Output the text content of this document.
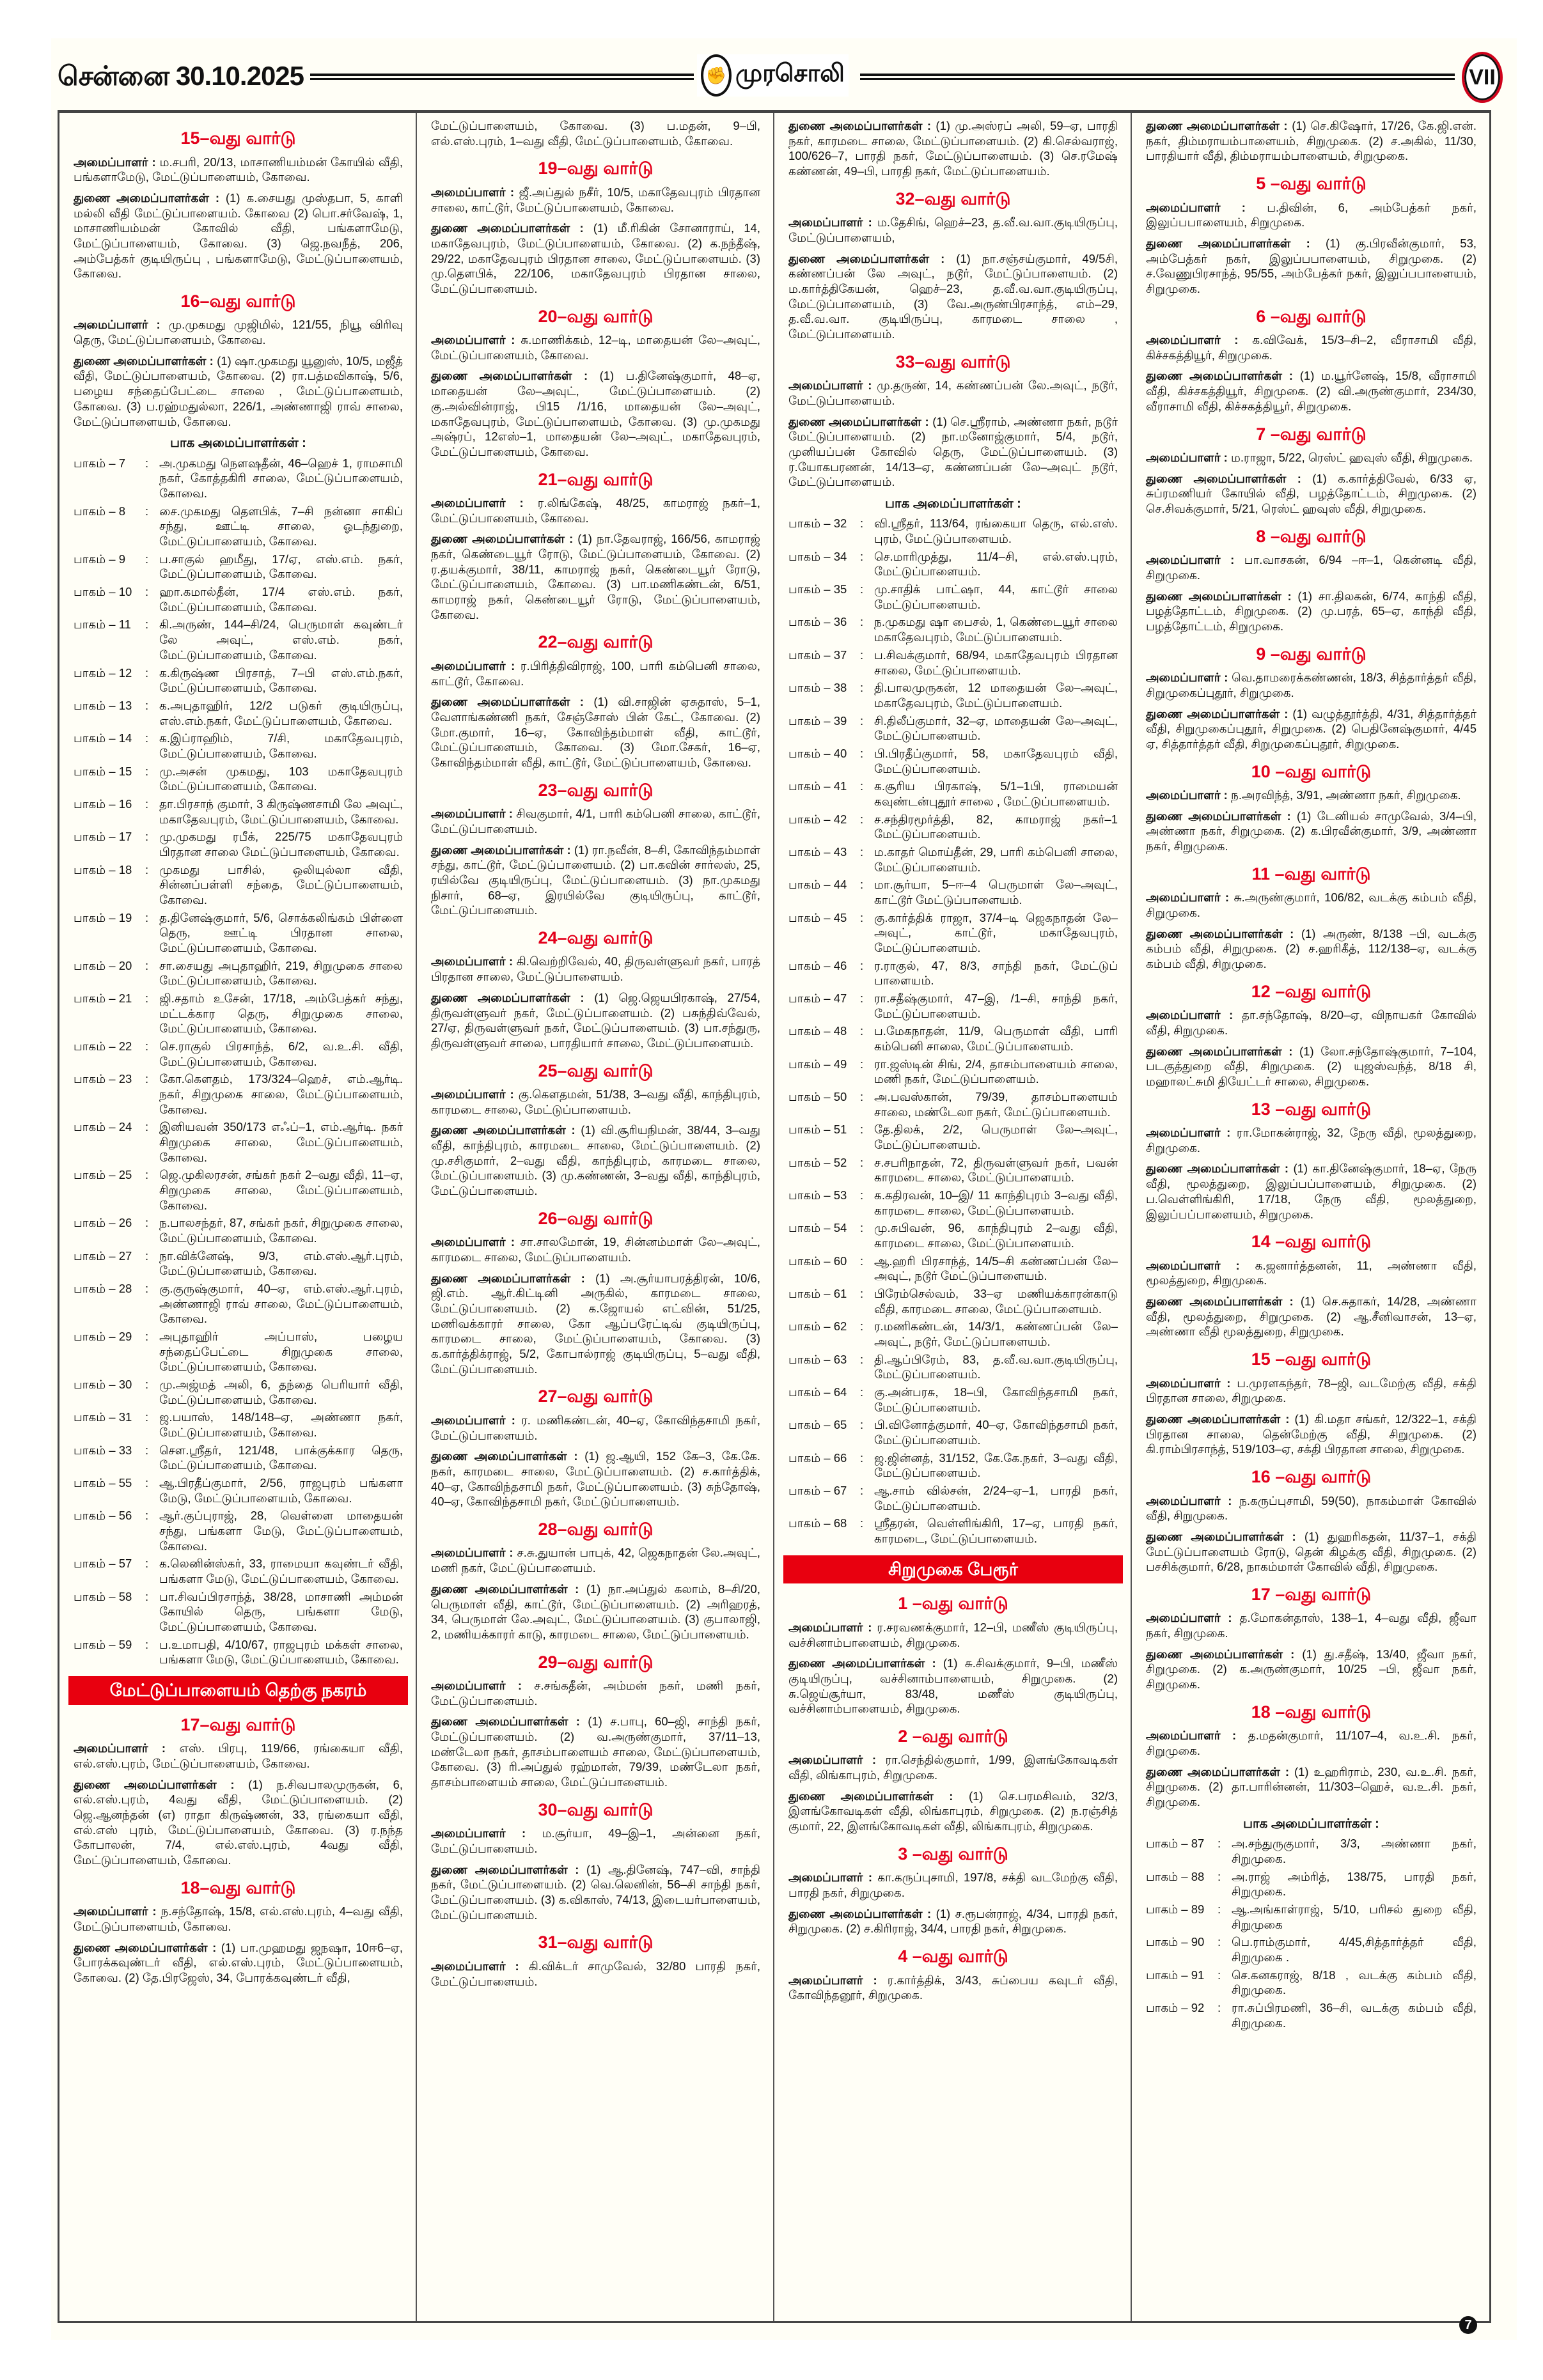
சென்னை 30.10.2025	✊ முரசொலி	VII
15–வது வார்டு

அமைப்பாளர் : ம.சபரி, 20/13, மாசாணியம்மன் கோயில் வீதி, பங்களாமேடு, மேட்டுப்பாளையம், கோவை.

துணை அமைப்பாளர்கள் : (1) க.சையது முஸ்தபா, 5, காளி மல்லி வீதி மேட்டுப்பாளையம். கோவை (2) பொ.சர்வேஷ், 1, மாசாணியம்மன் கோவில் வீதி, பங்களாமேடு, மேட்டுப்பாளையம், கோவை. (3) ஜெ.நவநீத், 206, அம்பேத்கர் குடியிருப்பு , பங்களாமேடு, மேட்டுப்பாளையம், கோவை.

16–வது வார்டு

அமைப்பாளர் : மு.முகமது முஜிமில், 121/55, நியூ விரிவு தெரு, மேட்டுப்பாளையம், கோவை.

துணை அமைப்பாளர்கள் : (1) ஷா.முகமது யூனுஸ், 10/5, மஜீத் வீதி, மேட்டுப்பாளையம், கோவை. (2) ரா.பத்மவிகாஷ், 5/6, பழைய சந்தைப்பேட்டை சாலை , மேட்டுப்பாளையம், கோவை. (3) ப.ரஹ்மதுல்லா, 226/1, அண்ணாஜி ராவ் சாலை, மேட்டுப்பாளையம், கோவை.

பாக அமைப்பாளர்கள் :
பாகம் – 7	: அ.முகமது நௌஷதீன், 46–ஹெச் 1, ராமசாமி நகர், கோத்தகிரி சாலை, மேட்டுப்பாளையம், கோவை.
பாகம் – 8	: சை.முகமது தௌபிக், 7–சி நன்னா சாகிப் சந்து, ஊட்டி சாலை, ஓடந்துறை, மேட்டுப்பாளையம், கோவை.
பாகம் – 9	: ப.சாகுல் ஹமீது, 17/ஏ, எஸ்.எம். நகர், மேட்டுப்பாளையம், கோவை.
பாகம் – 10	: ஹா.கமால்தீன், 17/4 எஸ்.எம். நகர், மேட்டுப்பாளையம், கோவை.
பாகம் – 11	: கி.அருண், 144–சி/24, பெருமாள் கவுண்டர் லே அவுட், எஸ்.எம். நகர், மேட்டுப்பாளையம், கோவை.
பாகம் – 12	: க.கிருஷ்ண பிரசாத், 7–பி எஸ்.எம்.நகர், மேட்டுப்பாளையம், கோவை.
பாகம் – 13	: க.அபுதாஹிர், 12/2 படுகர் குடியிருப்பு, எஸ்.எம்.நகர், மேட்டுப்பாளையம், கோவை.
பாகம் – 14	: க.இப்ராஹிம், 7/சி, மகாதேவபுரம், மேட்டுப்பாளையம், கோவை.
பாகம் – 15	: மு.அசன் முகமது, 103 மகாதேவபுரம் மேட்டுப்பாளையம், கோவை.
பாகம் – 16	: தா.பிரசாந் குமார், 3 கிருஷ்ணசாமி லே அவுட், மகாதேவபுரம், மேட்டுப்பாளையம், கோவை.
பாகம் – 17	: மு.முகமது ரபீக், 225/75 மகாதேவபுரம் பிரதான சாலை மேட்டுப்பாளையம், கோவை.
பாகம் – 18	: முகமது பாசில், ஒலியுல்லா வீதி, சின்னப்பள்ளி சந்தை, மேட்டுப்பாளையம், கோவை.
பாகம் – 19	: த.தினேஷ்குமார், 5/6, சொக்கலிங்கம் பிள்ளை தெரு, ஊட்டி பிரதான சாலை, மேட்டுப்பாளையம், கோவை.
பாகம் – 20	: சா.சையது அபுதாஹிர், 219, சிறுமுகை சாலை மேட்டுப்பாளையம், கோவை.
பாகம் – 21	: ஜி.சதாம் உசேன், 17/18, அம்பேத்கர் சந்து, மட்டக்கார தெரு, சிறுமுகை சாலை, மேட்டுப்பாளையம், கோவை.
பாகம் – 22	: செ.ராகுல் பிரசாந்த், 6/2, வ.உ.சி. வீதி, மேட்டுப்பாளையம், கோவை.
பாகம் – 23	: கோ.கௌதம், 173/324–ஹெச், எம்.ஆர்டி. நகர், சிறுமுகை சாலை, மேட்டுப்பாளையம், கோவை.
பாகம் – 24	: இனியவன் 350/173 எஃப்–1, எம்.ஆர்டி. நகர் சிறுமுகை சாலை, மேட்டுப்பாளையம், கோவை.
பாகம் – 25	: ஜெ.முகிலரசன், சங்கர் நகர் 2–வது வீதி, 11–ஏ, சிறுமுகை சாலை, மேட்டுப்பாளையம், கோவை.
பாகம் – 26	: ந.பாலசந்தர், 87, சங்கர் நகர், சிறுமுகை சாலை, மேட்டுப்பாளையம், கோவை.
பாகம் – 27	: நா.விக்னேஷ், 9/3, எம்.எஸ்.ஆர்.புரம், மேட்டுப்பாளையம், கோவை.
பாகம் – 28	: கு.குருஷ்குமார், 40–ஏ, எம்.எஸ்.ஆர்.புரம், அண்ணாஜி ராவ் சாலை, மேட்டுப்பாளையம், கோவை.
பாகம் – 29	: அபுதாஹிர் அப்பாஸ், பழைய சந்தைப்பேட்டை சிறுமுகை சாலை, மேட்டுப்பாளையம், கோவை.
பாகம் – 30	: மு.அஜ்மத் அலி, 6, தந்தை பெரியார் வீதி, மேட்டுப்பாளையம், கோவை.
பாகம் – 31	: ஜ.பயாஸ், 148/148–ஏ, அண்ணா நகர், மேட்டுப்பாளையம், கோவை.
பாகம் – 33	: சௌ.ஸ்ரீதர், 121/48, பாக்குக்கார தெரு, மேட்டுப்பாளையம், கோவை.
பாகம் – 55	: ஆ.பிரதீப்குமார், 2/56, ராஜபுரம் பங்களா மேடு, மேட்டுப்பாளையம், கோவை.
பாகம் – 56	: ஆர்.குப்புராஜ், 28, வெள்ளை மாதையன் சந்து, பங்களா மேடு, மேட்டுப்பாளையம், கோவை.
பாகம் – 57	: க.லெனின்ஸ்கர், 33, ராமையா கவுண்டர் வீதி, பங்களா மேடு, மேட்டுப்பாளையம், கோவை.
பாகம் – 58	: பா.சிவப்பிரசாந்த், 38/28, மாசாணி அம்மன் கோயில் தெரு, பங்களா மேடு, மேட்டுப்பாளையம், கோவை.
பாகம் – 59	: ப.உமாபதி, 4/10/67, ராஜபுரம் மக்கள் சாலை, பங்களா மேடு, மேட்டுப்பாளையம், கோவை.
மேட்டுப்பாளையம் தெற்கு நகரம்
17–வது வார்டு

அமைப்பாளர் : எஸ். பிரபு, 119/66, ரங்கையா வீதி, எல்.எஸ்.புரம், மேட்டுப்பாளையம், கோவை.

துணை அமைப்பாளர்கள் : (1) ந.சிவபாலமுருகன், 6, எல்.எஸ்.புரம், 4வது வீதி, மேட்டுப்பாளையம். (2) ஜெ.ஆனந்தன் (எ) ராதா கிருஷ்ணன், 33, ரங்கையா வீதி, எல்.எஸ் புரம், மேட்டுப்பாளையம், கோவை. (3) ர.நந்த கோபாலன், 7/4, எல்.எஸ்.புரம், 4வது வீதி, மேட்டுப்பாளையம், கோவை.

18–வது வார்டு

அமைப்பாளர் : ந.சந்தோஷ், 15/8, எல்.எஸ்.புரம், 4–வது வீதி, மேட்டுப்பாளையம், கோவை.

துணை அமைப்பாளர்கள் : (1) பா.முஹமது ஜநஷா, 10ஈ6–ஏ, போரக்கவுண்டர் வீதி, எல்.எஸ்.புரம், மேட்டுப்பாளையம், கோவை. (2) தே.பிரஜேஸ், 34, போரக்கவுண்டர் வீதி,

மேட்டுப்பாளையம், கோவை. (3) ப.மதன், 9–பி, எல்.எஸ்.புரம், 1–வது வீதி, மேட்டுப்பாளையம், கோவை.

19–வது வார்டு

அமைப்பாளர் : ஜீ.அப்துல் நசீர், 10/5, மகாதேவபுரம் பிரதான சாலை, காட்டூர், மேட்டுப்பாளையம், கோவை.

துணை அமைப்பாளர்கள் : (1) மீ.ரிகின் சோனாராய், 14, மகாதேவபுரம், மேட்டுப்பாளையம், கோவை. (2) க.நந்தீஷ், 29/22, மகாதேவபுரம் பிரதான சாலை, மேட்டுப்பாளையம். (3) மு.தௌபிக், 22/106, மகாதேவபுரம் பிரதான சாலை, மேட்டுப்பாளையம்.

20–வது வார்டு

அமைப்பாளர் : சு.மாணிக்கம், 12–டி, மாதையன் லே–அவுட், மேட்டுப்பாளையம், கோவை.

துணை அமைப்பாளர்கள் : (1) ப.தினேஷ்குமார், 48–ஏ, மாதையன் லே–அவுட், மேட்டுப்பாளையம். (2) கு.அல்வின்ராஜ், பி15 /1/16, மாதையன் லே–அவுட், மகாதேவபுரம், மேட்டுப்பாளையம், கோவை. (3) மு.முகமது அஷ்ரப், 12எஸ்–1, மாதையன் லே–அவுட், மகாதேவபுரம், மேட்டுப்பாளையம், கோவை.

21–வது வார்டு

அமைப்பாளர் : ர.லிங்கேஷ், 48/25, காமராஜ் நகர்–1, மேட்டுப்பாளையம், கோவை.

துணை அமைப்பாளர்கள் : (1) நா.தேவராஜ், 166/56, காமராஜ் நகர், கெண்டையூர் ரோடு, மேட்டுப்பாளையம், கோவை. (2) ர.தயக்குமார், 38/11, காமராஜ் நகர், கெண்டையூர் ரோடு, மேட்டுப்பாளையம், கோவை. (3) பா.மணிகண்டன், 6/51, காமராஜ் நகர், கெண்டையூர் ரோடு, மேட்டுப்பாளையம், கோவை.

22–வது வார்டு

அமைப்பாளர் : ர.பிரித்திவிராஜ், 100, பாரி கம்பெனி சாலை, காட்டூர், கோவை.

துணை அமைப்பாளர்கள் : (1) வி.சாஜின் ஏசுதாஸ், 5–1, வேளாங்கண்ணி நகர், சேஞ்சோஸ் பின் கேட், கோவை. (2) மோ.குமார், 16–ஏ, கோவிந்தம்மாள் வீதி, காட்டூர், மேட்டுப்பாளையம், கோவை. (3) மோ.சேகர், 16–ஏ, கோவிந்தம்மாள் வீதி, காட்டூர், மேட்டுப்பாளையம், கோவை.

23–வது வார்டு

அமைப்பாளர் : சிவகுமார், 4/1, பாரி கம்பெனி சாலை, காட்டூர், மேட்டுப்பாளையம்.

துணை அமைப்பாளர்கள் : (1) ரா.நவீன், 8–சி, கோவிந்தம்மாள் சந்து, காட்டூர், மேட்டுப்பாளையம். (2) பா.கவின் சார்லஸ், 25, ரயில்வே குடியிருப்பு, மேட்டுப்பாளையம். (3) நா.முகமது நிசார், 68–ஏ, இரயில்வே குடியிருப்பு, காட்டூர், மேட்டுப்பாளையம்.

24–வது வார்டு

அமைப்பாளர் : கி.வெற்றிவேல், 40, திருவள்ளுவர் நகர், பாரத் பிரதான சாலை, மேட்டுப்பாளையம்.

துணை அமைப்பாளர்கள் : (1) ஜெ.ஜெயபிரகாஷ், 27/54, திருவள்ளுவர் நகர், மேட்டுப்பாளையம். (2) பசுந்திவ்வேல், 27/ஏ, திருவள்ளுவர் நகர், மேட்டுப்பாளையம். (3) பா.சந்துரு, திருவள்ளுவர் சாலை, பாரதியார் சாலை, மேட்டுப்பாளையம்.

25–வது வார்டு

அமைப்பாளர் : கு.கௌதமன், 51/38, 3–வது வீதி, காந்திபுரம், காரமடை சாலை, மேட்டுப்பாளையம்.

துணை அமைப்பாளர்கள் : (1) வி.சூரியநிமன், 38/44, 3–வது வீதி, காந்திபுரம், காரமடை சாலை, மேட்டுப்பாளையம். (2) மு.சசிகுமார், 2–வது வீதி, காந்திபுரம், காரமடை சாலை, மேட்டுப்பாளையம். (3) மு.கண்ணன், 3–வது வீதி, காந்திபுரம், மேட்டுப்பாளையம்.

26–வது வார்டு

அமைப்பாளர் : சா.சாலமோன், 19, சின்னம்மாள் லே–அவுட், காரமடை சாலை, மேட்டுப்பாளையம்.

துணை அமைப்பாளர்கள் : (1) அ.சூர்யாபரத்திரன், 10/6, ஜி.எம். ஆர்.கிட்டினி அருகில், காரமடை சாலை, மேட்டுப்பாளையம். (2) க.ஜோயல் எட்வின், 51/25, மணிவக்காரர் சாலை, கோ ஆப்பரேட்டிவ் குடியிருப்பு, காரமடை சாலை, மேட்டுப்பாளையம், கோவை. (3) க.கார்த்திக்ராஜ், 5/2, கோபால்ராஜ் குடியிருப்பு, 5–வது வீதி, மேட்டுப்பாளையம்.

27–வது வார்டு

அமைப்பாளர் : ர. மணிகண்டன், 40–ஏ, கோவிந்தசாமி நகர், மேட்டுப்பாளையம்.

துணை அமைப்பாளர்கள் : (1) ஜ.ஆயி, 152 கே–3, கே.கே. நகர், காரமடை சாலை, மேட்டுப்பாளையம். (2) ச.கார்த்திக், 40–ஏ, கோவிந்தசாமி நகர், மேட்டுப்பாளையம். (3) சுந்தோஷ், 40–ஏ, கோவிந்தசாமி நகர், மேட்டுப்பாளையம்.

28–வது வார்டு

அமைப்பாளர் : ச.சு.துயான் பாபுக், 42, ஜெகநாதன் லே.அவுட், மணி நகர், மேட்டுப்பாளையம்.

துணை அமைப்பாளர்கள் : (1) நா.அப்துல் கலாம், 8–சி/20, பெருமாள் வீதி, காட்டூர், மேட்டுப்பாளையம். (2) அரிஹரத், 34, பெருமாள் லே.அவுட், மேட்டுப்பாளையம். (3) குபாலாஜி, 2, மணியக்காரர் காடு, காரமடை சாலை, மேட்டுப்பாளையம்.

29–வது வார்டு

அமைப்பாளர் : ச.சங்கதீன், அம்மன் நகர், மணி நகர், மேட்டுப்பாளையம்.

துணை அமைப்பாளர்கள் : (1) ச.பாபு, 60–ஜி, சாந்தி நகர், மேட்டுப்பாளையம். (2) வ.அருண்குமார், 37/11–13, மண்டேலா நகர், தாசம்பாளையம் சாலை, மேட்டுப்பாளையம், கோவை. (3) ரி.அப்துல் ரஹ்மான், 79/39, மண்டேலா நகர், தாசம்பாளையம் சாலை, மேட்டுப்பாளையம்.

30–வது வார்டு

அமைப்பாளர் : ம.சூர்யா, 49–இ–1, அன்னை நகர், மேட்டுப்பாளையம்.

துணை அமைப்பாளர்கள் : (1) ஆ.தினேஷ், 747–வி, சாந்தி நகர், மேட்டுப்பாளையம். (2) வெ.லெனின், 56–சி சாந்தி நகர், மேட்டுப்பாளையம். (3) க.விகாஸ், 74/13, இடையர்பாளையம், மேட்டுப்பாளையம்.

31–வது வார்டு

அமைப்பாளர் : கி.விக்டர் சாமுவேல், 32/80 பாரதி நகர், மேட்டுப்பாளையம்.

துணை அமைப்பாளர்கள் : (1) மு.அஸ்ரப் அலி, 59–ஏ, பாரதி நகர், காரமடை சாலை, மேட்டுப்பாளையம். (2) கி.செல்வராஜ், 100/626–7, பாரதி நகர், மேட்டுப்பாளையம். (3) செ.ரமேஷ் கண்ணன், 49–பி, பாரதி நகர், மேட்டுப்பாளையம்.

32–வது வார்டு

அமைப்பாளர் : ம.தேசிங், ஹெச்–23, த.வீ.வ.வா.குடியிருப்பு, மேட்டுப்பாளையம்,

துணை அமைப்பாளர்கள் : (1) நா.சஞ்சய்குமார், 49/5சி, கண்ணப்பன் லே அவுட், நடூர், மேட்டுப்பாளையம். (2) ம.கார்த்திகேயன், ஹெச்–23, த.வீ.வ.வா.குடியிருப்பு, மேட்டுப்பாளையம், (3) வே.அருண்பிரசாந்த், எம்–29, த.வீ.வ.வா. குடியிருப்பு, காரமடை சாலை , மேட்டுப்பாளையம்.

33–வது வார்டு

அமைப்பாளர் : மு.தருண், 14, கண்ணப்பன் லே.அவுட், நடூர், மேட்டுப்பாளையம்.

துணை அமைப்பாளர்கள் : (1) செ.ஸ்ரீராம், அண்ணா நகர், நடூர் மேட்டுப்பாளையம். (2) நா.மனோஜ்குமார், 5/4, நடூர், முனியப்பன் கோவில் தெரு, மேட்டுப்பாளையம். (3) ர.யோகபரணன், 14/13–ஏ, கண்ணப்பன் லே–அவுட் நடூர், மேட்டுப்பாளையம்.

பாக அமைப்பாளர்கள் :
பாகம் – 32	: வி.ஸ்ரீதர், 113/64, ரங்கையா தெரு, எல்.எஸ். புரம், மேட்டுப்பாளையம்.
பாகம் – 34	: செ.மாரிமுத்து, 11/4–சி, எல்.எஸ்.புரம், மேட்டுப்பாளையம்.
பாகம் – 35	: மு.சாதிக் பாட்ஷா, 44, காட்டூர் சாலை மேட்டுப்பாளையம்.
பாகம் – 36	: ந.முகமது ஷா பைசல், 1, கெண்டையூர் சாலை மகாதேவபுரம், மேட்டுப்பாளையம்.
பாகம் – 37	: ப.சிவக்குமார், 68/94, மகாதேவபுரம் பிரதான சாலை, மேட்டுப்பாளையம்.
பாகம் – 38	: தி.பாலமுருகன், 12 மாதையன் லே–அவுட், மகாதேவபுரம், மேட்டுப்பாளையம்.
பாகம் – 39	: சி.திலீப்குமார், 32–ஏ, மாதையன் லே–அவுட், மேட்டுப்பாளையம்.
பாகம் – 40	: பி.பிரதீப்குமார், 58, மகாதேவபுரம் வீதி, மேட்டுப்பாளையம்.
பாகம் – 41	: க.சூரிய பிரகாஷ், 5/1–1பி, ராமையன் கவுண்டன்புதூர் சாலை , மேட்டுப்பாளையம்.
பாகம் – 42	: ச.சந்திரமூர்த்தி, 82, காமராஜ் நகர்–1 மேட்டுப்பாளையம்.
பாகம் – 43	: ம.காதர் மொய்தீன், 29, பாரி கம்பெனி சாலை, மேட்டுப்பாளையம்.
பாகம் – 44	: மா.சூர்யா, 5–ஈ–4 பெருமாள் லே–அவுட், காட்டூர் மேட்டுப்பாளையம்.
பாகம் – 45	: கு.கார்த்திக் ராஜா, 37/4–டி ஜெகநாதன் லே–அவுட், காட்டூர், மகாதேவபுரம், மேட்டுப்பாளையம்.
பாகம் – 46	: ர.ராகுல், 47, 8/3, சாந்தி நகர், மேட்டுப் பாளையம்.
பாகம் – 47	: ரா.சதீஷ்குமார், 47–இ, /1–சி, சாந்தி நகர், மேட்டுப்பாளையம்.
பாகம் – 48	: ப.மேகநாதன், 11/9, பெருமாள் வீதி, பாரி கம்பெனி சாலை, மேட்டுப்பாளையம்.
பாகம் – 49	: ரா.ஜஸ்டின் சிங், 2/4, தாசம்பாளையம் சாலை, மணி நகர், மேட்டுப்பாளையம்.
பாகம் – 50	: அ.பவஸ்கான், 79/39, தாசம்பாளையம் சாலை, மண்டேலா நகர், மேட்டுப்பாளையம்.
பாகம் – 51	: தே.திலக், 2/2, பெருமாள் லே–அவுட், மேட்டுப்பாளையம்.
பாகம் – 52	: ச.சபரிநாதன், 72, திருவள்ளுவர் நகர், பவன் காரமடை சாலை, மேட்டுப்பாளையம்.
பாகம் – 53	: க.கதிரவன், 10–இ/ 11 காந்திபுரம் 3–வது வீதி, காரமடை சாலை, மேட்டுப்பாளையம்.
பாகம் – 54	: மு.சுபிவன், 96, காந்திபுரம் 2–வது வீதி, காரமடை சாலை, மேட்டுப்பாளையம்.
பாகம் – 60	: ஆ.ஹரி பிரசாந்த், 14/5–சி கண்ணப்பன் லே–அவுட், நடூர் மேட்டுப்பாளையம்.
பாகம் – 61	: பிரேம்செல்வம், 33–ஏ மணியக்காரன்காடு வீதி, காரமடை சாலை, மேட்டுப்பாளையம்.
பாகம் – 62	: ர.மணிகண்டன், 14/3/1, கண்ணப்பன் லே–அவுட், நடூர், மேட்டுப்பாளையம்.
பாகம் – 63	: தி.ஆப்பிரேம், 83, த.வீ.வ.வா.குடியிருப்பு, மேட்டுப்பாளையம்.
பாகம் – 64	: கு.அன்பரசு, 18–பி, கோவிந்தசாமி நகர், மேட்டுப்பாளையம்.
பாகம் – 65	: பி.வினோத்குமார், 40–ஏ, கோவிந்தசாமி நகர், மேட்டுப்பாளையம்.
பாகம் – 66	: ஜ.ஜின்னத், 31/152, கே.கே.நகர், 3–வது வீதி, மேட்டுப்பாளையம்.
பாகம் – 67	: ஆ.சாம் வில்சன், 2/24–ஏ–1, பாரதி நகர், மேட்டுப்பாளையம்.
பாகம் – 68	: ஸ்ரீதரன், வெள்ளிங்கிரி, 17–ஏ, பாரதி நகர், காரமடை, மேட்டுப்பாளையம்.
சிறுமுகை பேரூர்
1 –வது வார்டு

அமைப்பாளர் : ர.சரவணக்குமார், 12–பி, மணீஸ் குடியிருப்பு, வச்சினாம்பாளையம், சிறுமுகை.

துணை அமைப்பாளர்கள் : (1) சு.சிவக்குமார், 9–பி, மணீஸ் குடியிருப்பு, வச்சினாம்பாளையம், சிறுமுகை. (2) சு.ஜெய்சூர்யா, 83/48, மணீஸ் குடியிருப்பு, வச்சினாம்பாளையம், சிறுமுகை.

2 –வது வார்டு

அமைப்பாளர் : ரா.செந்தில்குமார், 1/99, இளங்கோவடிகள் வீதி, லிங்காபுரம், சிறுமுகை.

துணை அமைப்பாளர்கள் : (1) செ.பரமசிவம், 32/3, இளங்கோவடிகள் வீதி, லிங்காபுரம், சிறுமுகை. (2) ந.ரஞ்சித் குமார், 22, இளங்கோவடிகள் வீதி, லிங்காபுரம், சிறுமுகை.

3 –வது வார்டு

அமைப்பாளர் : கா.கருப்புசாமி, 197/8, சக்தி வடமேற்கு வீதி, பாரதி நகர், சிறுமுகை.

துணை அமைப்பாளர்கள் : (1) ச.ரூபன்ராஜ், 4/34, பாரதி நகர், சிறுமுகை. (2) ச.கிரிராஜ், 34/4, பாரதி நகர், சிறுமுகை.

4 –வது வார்டு

அமைப்பாளர் : ர.கார்த்திக், 3/43, சுப்பைய கவுடர் வீதி, கோவிந்தனூர், சிறுமுகை.

துணை அமைப்பாளர்கள் : (1) செ.கிஷோர், 17/26, கே.ஜி.என். நகர், திம்மராயம்பாளையம், சிறுமுகை. (2) ச.அகில், 11/30, பாரதியார் வீதி, திம்மராயம்பாளையம், சிறுமுகை.

5 –வது வார்டு

அமைப்பாளர் : ப.திவின், 6, அம்பேத்கர் நகர், இலுப்பபாளையம், சிறுமுகை.

துணை அமைப்பாளர்கள் : (1) கு.பிரவீன்குமார், 53, அம்பேத்கர் நகர், இலுப்பபாளையம், சிறுமுகை. (2) ச.வேணுபிரசாந்த், 95/55, அம்பேத்கர் நகர், இலுப்பபாளையம், சிறுமுகை.

6 –வது வார்டு

அமைப்பாளர் : க.விவேக், 15/3–சி–2, வீராசாமி வீதி, கிச்சகத்தியூர், சிறுமுகை.

துணை அமைப்பாளர்கள் : (1) ம.யூர்னேஷ், 15/8, வீராசாமி வீதி, கிச்சகத்தியூர், சிறுமுகை. (2) வி.அருண்குமார், 234/30, வீராசாமி வீதி, கிச்சகத்தியூர், சிறுமுகை.

7 –வது வார்டு

அமைப்பாளர் : ம.ராஜா, 5/22, ரெஸ்ட் ஹவுஸ் வீதி, சிறுமுகை.

துணை அமைப்பாளர்கள் : (1) க.கார்த்திவேல், 6/33 ஏ, சுப்ரமணியர் கோயில் வீதி, பழத்தோட்டம், சிறுமுகை. (2) செ.சிவக்குமார், 5/21, ரெஸ்ட் ஹவுஸ் வீதி, சிறுமுகை.

8 –வது வார்டு

அமைப்பாளர் : பா.வாசகன், 6/94 –ஈ–1, கென்னடி வீதி, சிறுமுகை.

துணை அமைப்பாளர்கள் : (1) சா.திலகன், 6/74, காந்தி வீதி, பழத்தோட்டம், சிறுமுகை. (2) மு.பரத், 65–ஏ, காந்தி வீதி, பழத்தோட்டம், சிறுமுகை.

9 –வது வார்டு

அமைப்பாளர் : வெ.தாமரைக்கண்ணன், 18/3, சித்தார்த்தர் வீதி, சிறுமுகைப்புதூர், சிறுமுகை.

துணை அமைப்பாளர்கள் : (1) வழுத்தூர்த்தி, 4/31, சித்தார்த்தர் வீதி, சிறுமுகைப்புதூர், சிறுமுகை. (2) பெதினேஷ்குமார், 4/45 ஏ, சித்தார்த்தர் வீதி, சிறுமுகைப்புதூர், சிறுமுகை.

10 –வது வார்டு

அமைப்பாளர் : ந.அரவிந்த், 3/91, அண்ணா நகர், சிறுமுகை.

துணை அமைப்பாளர்கள் : (1) டேனியல் சாமுவேல், 3/4–பி, அண்ணா நகர், சிறுமுகை. (2) க.பிரவீன்குமார், 3/9, அண்ணா நகர், சிறுமுகை.

11 –வது வார்டு

அமைப்பாளர் : சு.அருண்குமார், 106/82, வடக்கு கம்பம் வீதி, சிறுமுகை.

துணை அமைப்பாளர்கள் : (1) அருண், 8/138 –பி, வடக்கு கம்பம் வீதி, சிறுமுகை. (2) ச.ஹரிகீத், 112/138–ஏ, வடக்கு கம்பம் வீதி, சிறுமுகை.

12 –வது வார்டு

அமைப்பாளர் : தா.சந்தோஷ், 8/20–ஏ, விநாயகர் கோவில் வீதி, சிறுமுகை.

துணை அமைப்பாளர்கள் : (1) லோ.சந்தோஷ்குமார், 7–104, படகுத்துறை வீதி, சிறுமுகை. (2) யுஜஸ்வந்த், 8/18 சி, மஹாலட்சுமி தியேட்டர் சாலை, சிறுமுகை.

13 –வது வார்டு

அமைப்பாளர் : ரா.மோகன்ராஜ், 32, நேரு வீதி, மூலத்துறை, சிறுமுகை.

துணை அமைப்பாளர்கள் : (1) கா.தினேஷ்குமார், 18–ஏ, நேரு வீதி, மூலத்துறை, இலுப்பப்பாளையம், சிறுமுகை. (2) ப.வெள்ளிங்கிரி, 17/18, நேரு வீதி, மூலத்துறை, இலுப்பப்பாளையம், சிறுமுகை.

14 –வது வார்டு

அமைப்பாளர் : க.ஜனார்த்தனன், 11, அண்ணா வீதி, மூலத்துறை, சிறுமுகை.

துணை அமைப்பாளர்கள் : (1) செ.சுதாகர், 14/28, அண்ணா வீதி, மூலத்துறை, சிறுமுகை. (2) ஆ.சீனிவாசன், 13–ஏ, அண்ணா வீதி மூலத்துறை, சிறுமுகை.

15 –வது வார்டு

அமைப்பாளர் : ப.முரளகந்தர், 78–ஜி, வடமேற்கு வீதி, சக்தி பிரதான சாலை, சிறுமுகை.

துணை அமைப்பாளர்கள் : (1) கி.மதா சங்கர், 12/322–1, சக்தி பிரதான சாலை, தென்மேற்கு வீதி, சிறுமுகை. (2) கி.ராம்பிரசாந்த், 519/103–ஏ, சக்தி பிரதான சாலை, சிறுமுகை.

16 –வது வார்டு

அமைப்பாளர் : ந.கருப்புசாமி, 59(50), நாகம்மாள் கோவில் வீதி, சிறுமுகை.

துணை அமைப்பாளர்கள் : (1) துஹரிகதன், 11/37–1, சக்தி மேட்டுப்பாளையம் ரோடு, தென் கிழக்கு வீதி, சிறுமுகை. (2) பசசிக்குமார், 6/28, நாகம்மாள் கோவில் வீதி, சிறுமுகை.

17 –வது வார்டு

அமைப்பாளர் : த.மோகன்தாஸ், 138–1, 4–வது வீதி, ஜீவா நகர், சிறுமுகை.

துணை அமைப்பாளர்கள் : (1) து.சதீஷ், 13/40, ஜீவா நகர், சிறுமுகை. (2) க.அருண்குமார், 10/25 –பி, ஜீவா நகர், சிறுமுகை.

18 –வது வார்டு

அமைப்பாளர் : த.மதன்குமார், 11/107–4, வ.உ.சி. நகர், சிறுமுகை.

துணை அமைப்பாளர்கள் : (1) உஹரிராம், 230, வ.உ.சி. நகர், சிறுமுகை. (2) தா.பாரின்னன், 11/303–ஹெச், வ.உ.சி. நகர், சிறுமுகை.

பாக அமைப்பாளர்கள் :
பாகம் – 87	: அ.சந்துருகுமார், 3/3, அண்ணா நகர், சிறுமுகை.
பாகம் – 88	: அ.ராஜ் அம்ரித், 138/75, பாரதி நகர், சிறுமுகை.
பாகம் – 89	: ஆ.அங்காள்ராஜ், 5/10, பரிசல் துறை வீதி, சிறுமுகை
பாகம் – 90	: பெ.ராம்குமார், 4/45,சித்தார்த்தர் வீதி, சிறுமுகை .
பாகம் – 91	: செ.கனகராஜ், 8/18 , வடக்கு கம்பம் வீதி, சிறுமுகை.
பாகம் – 92	: ரா.சுப்பிரமணி, 36–சி, வடக்கு கம்பம் வீதி, சிறுமுகை.
7
